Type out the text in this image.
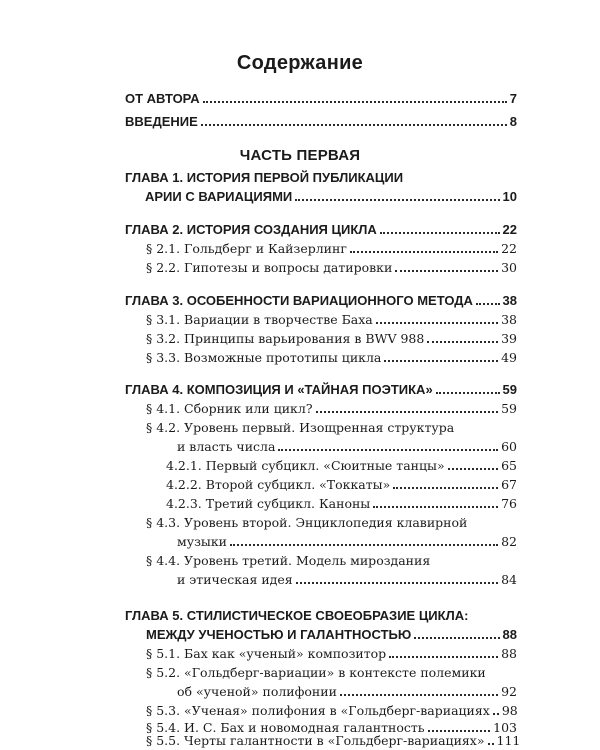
Содержание
ОТ АВТОРА	7
ВВЕДЕНИЕ	8
ЧАСТЬ ПЕРВАЯ
ГЛАВА 1. ИСТОРИЯ ПЕРВОЙ ПУБЛИКАЦИИ
АРИИ С ВАРИАЦИЯМИ	10
ГЛАВА 2. ИСТОРИЯ СОЗДАНИЯ ЦИКЛА	22
§ 2.1. Гольдберг и Кайзерлинг	22
§ 2.2. Гипотезы и вопросы датировки	30
ГЛАВА 3. ОСОБЕННОСТИ ВАРИАЦИОННОГО МЕТОДА 38
§ 3.1. Вариации в творчестве Баха	38
§ 3.2. Принципы варьирования в BWV 988	39
§ 3.3. Возможные прототипы цикла	49
ГЛАВА 4. КОМПОЗИЦИЯ И «ТАЙНАЯ ПОЭТИКА»	59
§ 4.1. Сборник или цикл?	59
§ 4.2. Уровень первый. Изощренная структура
и власть числа	60
4.2.1. Первый субцикл. «Сюитные танцы»	65
4.2.2. Второй субцикл. «Токкаты»	67
4.2.3. Третий субцикл. Каноны	76
§ 4.3. Уровень второй. Энциклопедия клавирной
музыки	82
§ 4.4. Уровень третий. Модель мироздания
и этическая идея	84
ГЛАВА 5. СТИЛИСТИЧЕСКОЕ СВОЕОБРАЗИЕ ЦИКЛА:
МЕЖДУ УЧЕНОСТЬЮ И ГАЛАНТНОСТЬЮ	88
§ 5.1. Бах как «ученый» композитор	88
§ 5.2. «Гольдберг-вариации» в контексте полемики
об «ученой» полифонии	92
§ 5.3. «Ученая» полифония в «Гольдберг-вариациях 98
§ 5.4. И. С. Бах и новомодная галантность	103
§ 5.5. Черты галантности в «Гольдберг-вариациях» 111
